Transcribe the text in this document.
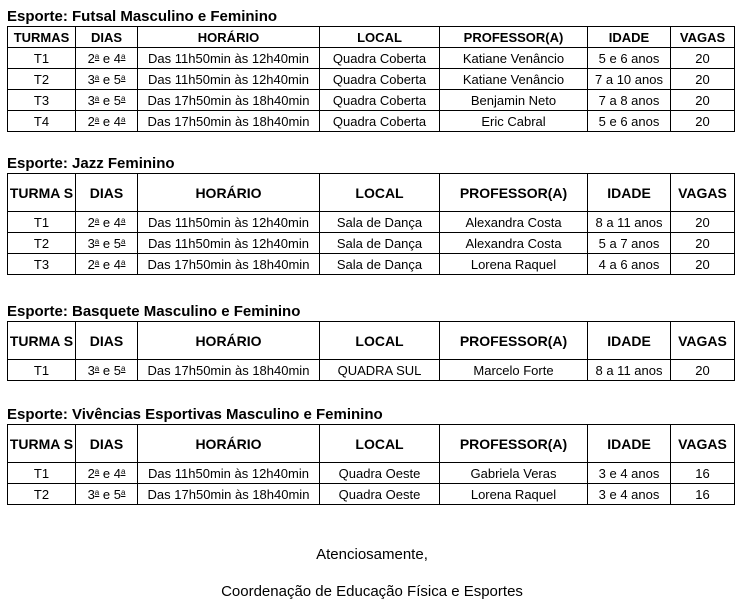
Esporte: Futsal Masculino e Feminino
TURMAS	DIAS	HORÁRIO	LOCAL	PROFESSOR(A)	IDADE	VAGAS
T1	2$^a$ e 4$^a$	Das 11h50min às 12h40min	Quadra Coberta	Katiane Venâncio	5 e 6 anos	20
T2	3$^a$ e 5$^a$	Das 11h50min às 12h40min	Quadra Coberta	Katiane Venâncio	7 a 10 anos	20
T3	3$^a$ e 5$^a$	Das 17h50min às 18h40min	Quadra Coberta	Benjamin Neto	7 a 8 anos	20
T4	2$^a$ e 4$^a$	Das 17h50min às 18h40min	Quadra Coberta	Eric Cabral	5 e 6 anos	20
Esporte: Jazz Feminino
TURMA S	DIAS	HORÁRIO	LOCAL	PROFESSOR(A)	IDADE	VAGAS
T1	2$^a$ e 4$^a$	Das 11h50min às 12h40min	Sala de Dança	Alexandra Costa	8 a 11 anos	20
T2	3$^a$ e 5$^a$	Das 11h50min às 12h40min	Sala de Dança	Alexandra Costa	5 a 7 anos	20
T3	2$^a$ e 4$^a$	Das 17h50min às 18h40min	Sala de Dança	Lorena Raquel	4 a 6 anos	20
Esporte: Basquete Masculino e Feminino
TURMA S	DIAS	HORÁRIO	LOCAL	PROFESSOR(A)	IDADE	VAGAS
T1	3$^a$ e 5$^a$	Das 17h50min às 18h40min	QUADRA SUL	Marcelo Forte	8 a 11 anos	20
Esporte: Vivências Esportivas Masculino e Feminino
TURMA S	DIAS	HORÁRIO	LOCAL	PROFESSOR(A)	IDADE	VAGAS
T1	2$^a$ e 4$^a$	Das 11h50min às 12h40min	Quadra Oeste	Gabriela Veras	3 e 4 anos	16
T2	3$^a$ e 5$^a$	Das 17h50min às 18h40min	Quadra Oeste	Lorena Raquel	3 e 4 anos	16
Atenciosamente,
Coordenação de Educação Física e Esportes
